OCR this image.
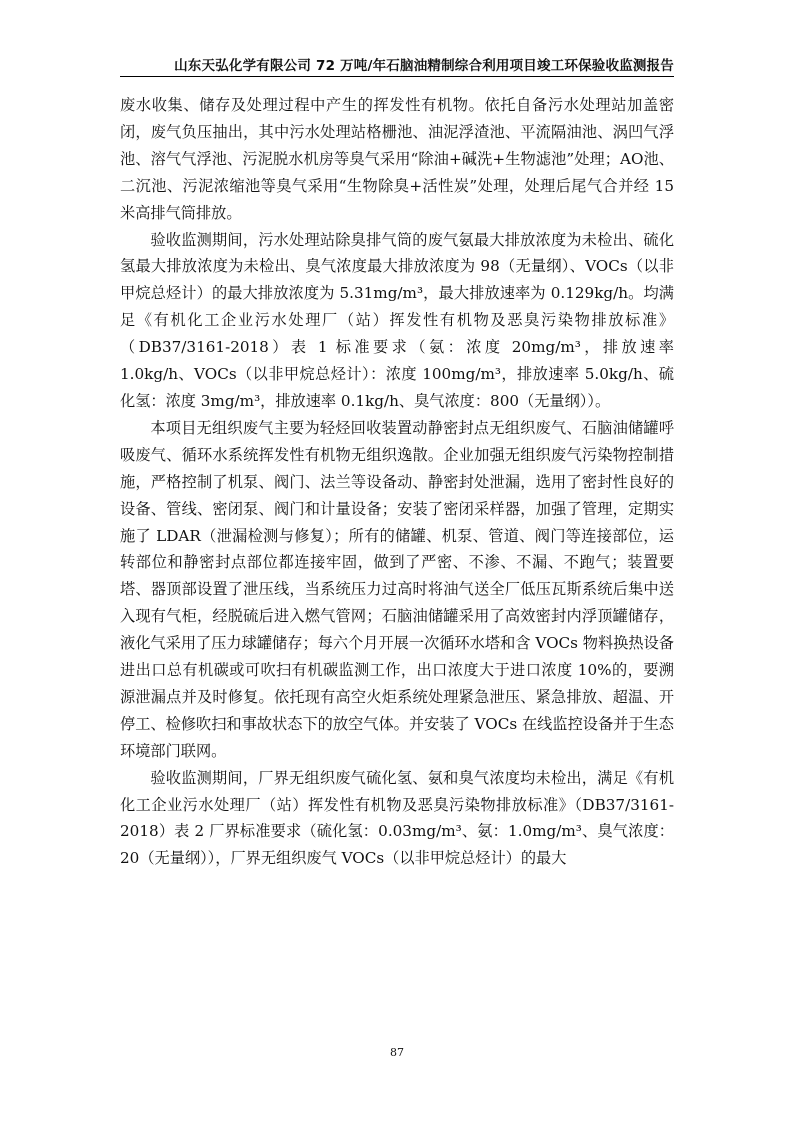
山东天弘化学有限公司 72 万吨/年石脑油精制综合利用项目竣工环保验收监测报告

废水收集、储存及处理过程中产生的挥发性有机物。依托自备污水处理站加盖密闭，废气负压抽出，其中污水处理站格栅池、油泥浮渣池、平流隔油池、涡凹气浮池、溶气气浮池、污泥脱水机房等臭气采用“除油+碱洗+生物滤池”处理；AO池、二沉池、污泥浓缩池等臭气采用“生物除臭+活性炭”处理，处理后尾气合并经 15 米高排气筒排放。

验收监测期间，污水处理站除臭排气筒的废气氨最大排放浓度为未检出、硫化氢最大排放浓度为未检出、臭气浓度最大排放浓度为 98（无量纲）、VOCs（以非甲烷总烃计）的最大排放浓度为 5.31mg/m³，最大排放速率为 0.129kg/h。均满足《有机化工企业污水处理厂（站）挥发性有机物及恶臭污染物排放标准》（DB37/3161-2018）表 1 标准要求（氨：浓度 20mg/m³，排放速率 1.0kg/h、VOCs（以非甲烷总烃计）：浓度 100mg/m³，排放速率 5.0kg/h、硫化氢：浓度 3mg/m³，排放速率 0.1kg/h、臭气浓度：800（无量纲））。

本项目无组织废气主要为轻烃回收装置动静密封点无组织废气、石脑油储罐呼吸废气、循环水系统挥发性有机物无组织逸散。企业加强无组织废气污染物控制措施，严格控制了机泵、阀门、法兰等设备动、静密封处泄漏，选用了密封性良好的设备、管线、密闭泵、阀门和计量设备；安装了密闭采样器，加强了管理，定期实施了 LDAR（泄漏检测与修复）；所有的储罐、机泵、管道、阀门等连接部位，运转部位和静密封点部位都连接牢固，做到了严密、不渗、不漏、不跑气；装置要塔、器顶部设置了泄压线，当系统压力过高时将油气送全厂低压瓦斯系统后集中送入现有气柜，经脱硫后进入燃气管网；石脑油储罐采用了高效密封内浮顶罐储存，液化气采用了压力球罐储存；每六个月开展一次循环水塔和含 VOCs 物料换热设备进出口总有机碳或可吹扫有机碳监测工作，出口浓度大于进口浓度 10%的，要溯源泄漏点并及时修复。依托现有高空火炬系统处理紧急泄压、紧急排放、超温、开停工、检修吹扫和事故状态下的放空气体。并安装了 VOCs 在线监控设备并于生态环境部门联网。

验收监测期间，厂界无组织废气硫化氢、氨和臭气浓度均未检出，满足《有机化工企业污水处理厂（站）挥发性有机物及恶臭污染物排放标准》（DB37/3161-2018）表 2 厂界标准要求（硫化氢：0.03mg/m³、氨：1.0mg/m³、臭气浓度：20（无量纲）），厂界无组织废气 VOCs（以非甲烷总烃计）的最大

87
